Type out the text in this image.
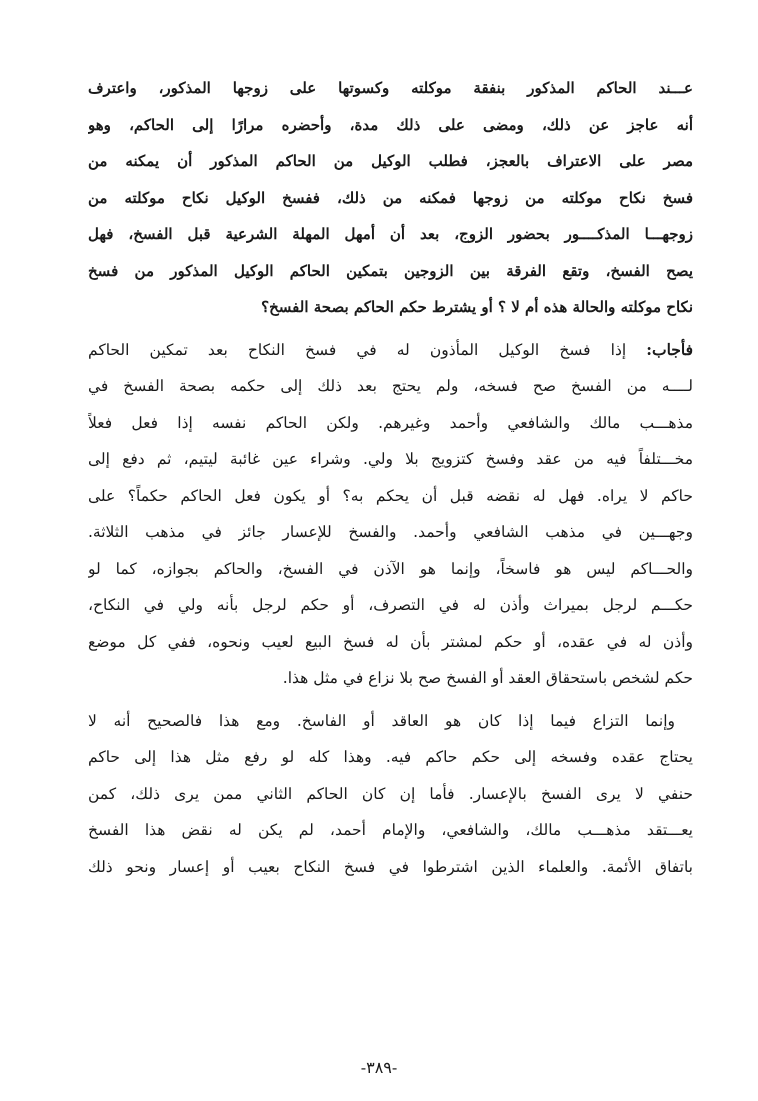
عـــند الحاكم المذكور بنفقة موكلته وكسوتها على زوجها المذكور، واعترف
أنه عاجز عن ذلك، ومضى على ذلك مدة، وأحضره مرارًا إلى الحاكم، وهو
مصر على الاعتراف بالعجز، فطلب الوكيل من الحاكم المذكور أن يمكنه من
فسخ نكاح موكلته من زوجها فمكنه من ذلك، ففسخ الوكيل نكاح موكلته من
زوجهـــا المذكــــور بحضور الزوج، بعد أن أمهل المهلة الشرعية قبل الفسخ، فهل
يصح الفسخ، وتقع الفرقة بين الزوجين بتمكين الحاكم الوكيل المذكور من فسخ
نكاح موكلته والحالة هذه أم لا ؟ أو يشترط حكم الحاكم بصحة الفسخ؟
فأجاب: إذا فسخ الوكيل المأذون له في فسخ النكاح بعد تمكين الحاكم
لــــه من الفسخ صح فسخه، ولم يحتج بعد ذلك إلى حكمه بصحة الفسخ في
مذهـــب مالك والشافعي وأحمد وغيرهم. ولكن الحاكم نفسه إذا فعل فعلاً
مخـــتلفاً فيه من عقد وفسخ كتزويج بلا ولي. وشراء عين غائبة ليتيم، ثم دفع إلى
حاكم لا يراه. فهل له نقضه قبل أن يحكم به؟ أو يكون فعل الحاكم حكماً؟ على
وجهـــين في مذهب الشافعي وأحمد. والفسخ للإعسار جائز في مذهب الثلاثة.
والحـــاكم ليس هو فاسخاً، وإنما هو الآذن في الفسخ، والحاكم بجوازه، كما لو
حكـــم لرجل بميراث وأذن له في التصرف، أو حكم لرجل بأنه ولي في النكاح،
وأذن له في عقده، أو حكم لمشتر بأن له فسخ البيع لعيب ونحوه، ففي كل موضع
حكم لشخص باستحقاق العقد أو الفسخ صح بلا نزاع في مثل هذا.
وإنما التزاع فيما إذا كان هو العاقد أو الفاسخ. ومع هذا فالصحيح أنه لا
يحتاج عقده وفسخه إلى حكم حاكم فيه. وهذا كله لو رفع مثل هذا إلى حاكم
حنفي لا يرى الفسخ بالإعسار. فأما إن كان الحاكم الثاني ممن يرى ذلك، كمن
يعـــتقد مذهـــب مالك، والشافعي، والإمام أحمد، لم يكن له نقض هذا الفسخ
باتفاق الأئمة. والعلماء الذين اشترطوا في فسخ النكاح بعيب أو إعسار ونحو ذلك
-٣٨٩-
